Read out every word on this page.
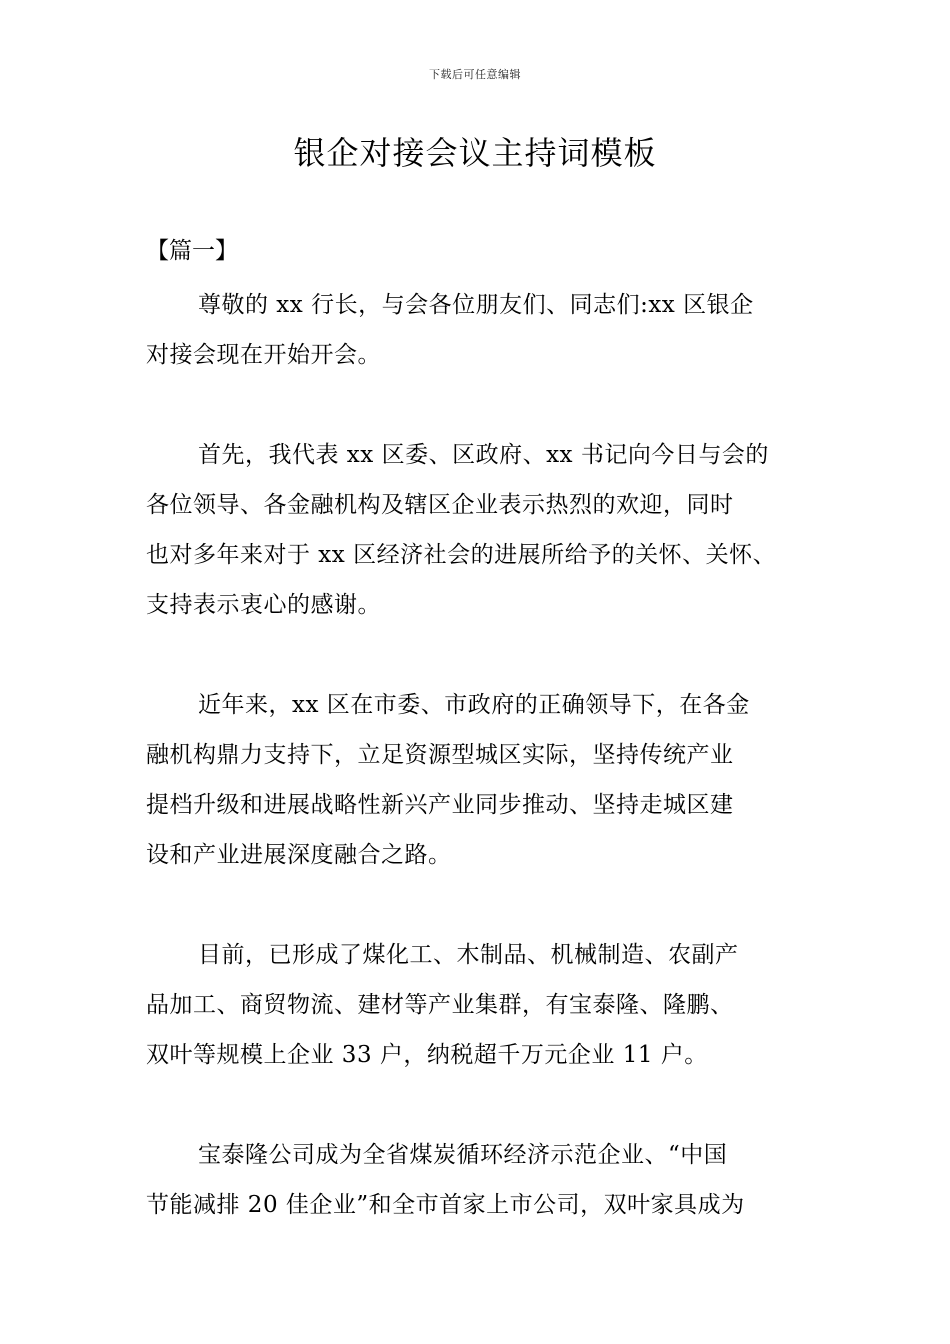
下载后可任意编辑
银企对接会议主持词模板

【篇一】

尊敬的 xx 行长，与会各位朋友们、同志们:xx 区银企
对接会现在开始开会。

首先，我代表 xx 区委、区政府、xx 书记向今日与会的
各位领导、各金融机构及辖区企业表示热烈的欢迎，同时
也对多年来对于 xx 区经济社会的进展所给予的关怀、关怀、
支持表示衷心的感谢。

近年来，xx 区在市委、市政府的正确领导下，在各金
融机构鼎力支持下，立足资源型城区实际，坚持传统产业
提档升级和进展战略性新兴产业同步推动、坚持走城区建
设和产业进展深度融合之路。

目前，已形成了煤化工、木制品、机械制造、农副产
品加工、商贸物流、建材等产业集群，有宝泰隆、隆鹏、
双叶等规模上企业 33 户，纳税超千万元企业 11 户。

宝泰隆公司成为全省煤炭循环经济示范企业、“中国
节能减排 20 佳企业”和全市首家上市公司，双叶家具成为
